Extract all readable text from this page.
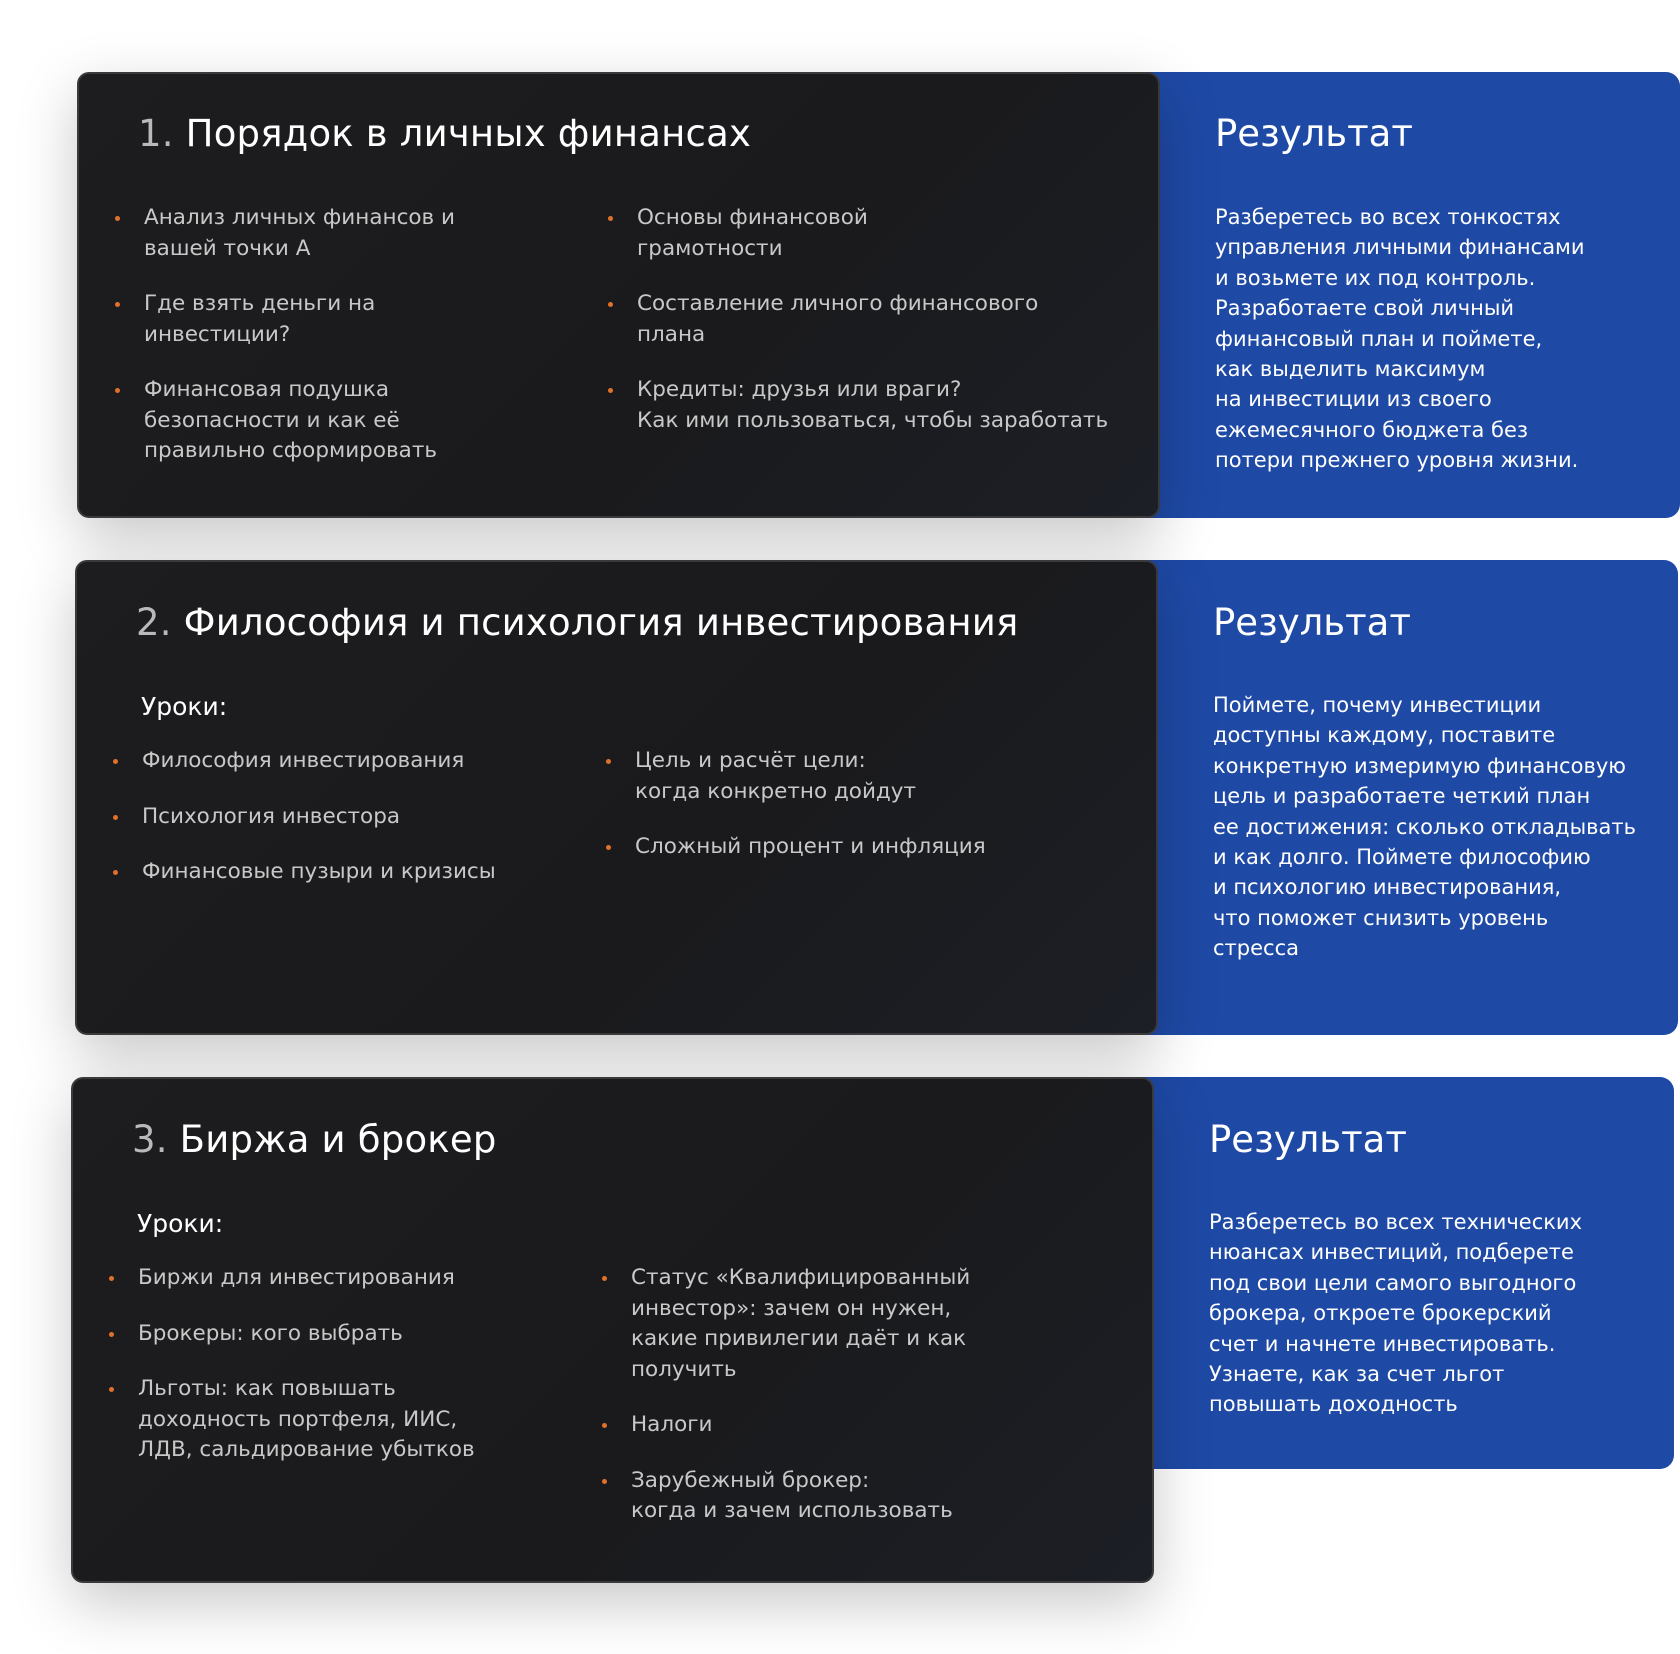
1. Порядок в личных финансах
Анализ личных финансов и
вашей точки А
Где взять деньги на
инвестиции?
Финансовая подушка
безопасности и как её
правильно сформировать
Основы финансовой
грамотности
Составление личного финансового
плана
Кредиты: друзья или враги?
Как ими пользоваться, чтобы заработать
Результат
Разберетесь во всех тонкостях
управления личными финансами
и возьмете их под контроль.
Разработаете свой личный
финансовый план и поймете,
как выделить максимум
на инвестиции из своего
ежемесячного бюджета без
потери прежнего уровня жизни.
2. Философия и психология инвестирования
Уроки:
Философия инвестирования
Психология инвестора
Финансовые пузыри и кризисы
Цель и расчёт цели:
когда конкретно дойдут
Сложный процент и инфляция
Результат
Поймете, почему инвестиции
доступны каждому, поставите
конкретную измеримую финансовую
цель и разработаете четкий план
ее достижения: сколько откладывать
и как долго. Поймете философию
и психологию инвестирования,
что поможет снизить уровень
стресса
3. Биржа и брокер
Уроки:
Биржи для инвестирования
Брокеры: кого выбрать
Льготы: как повышать
доходность портфеля, ИИС,
ЛДВ, сальдирование убытков
Статус «Квалифицированный
инвестор»: зачем он нужен,
какие привилегии даёт и как
получить
Налоги
Зарубежный брокер:
когда и зачем использовать
Результат
Разберетесь во всех технических
нюансах инвестиций, подберете
под свои цели самого выгодного
брокера, откроете брокерский
счет и начнете инвестировать.
Узнаете, как за счет льгот
повышать доходность
